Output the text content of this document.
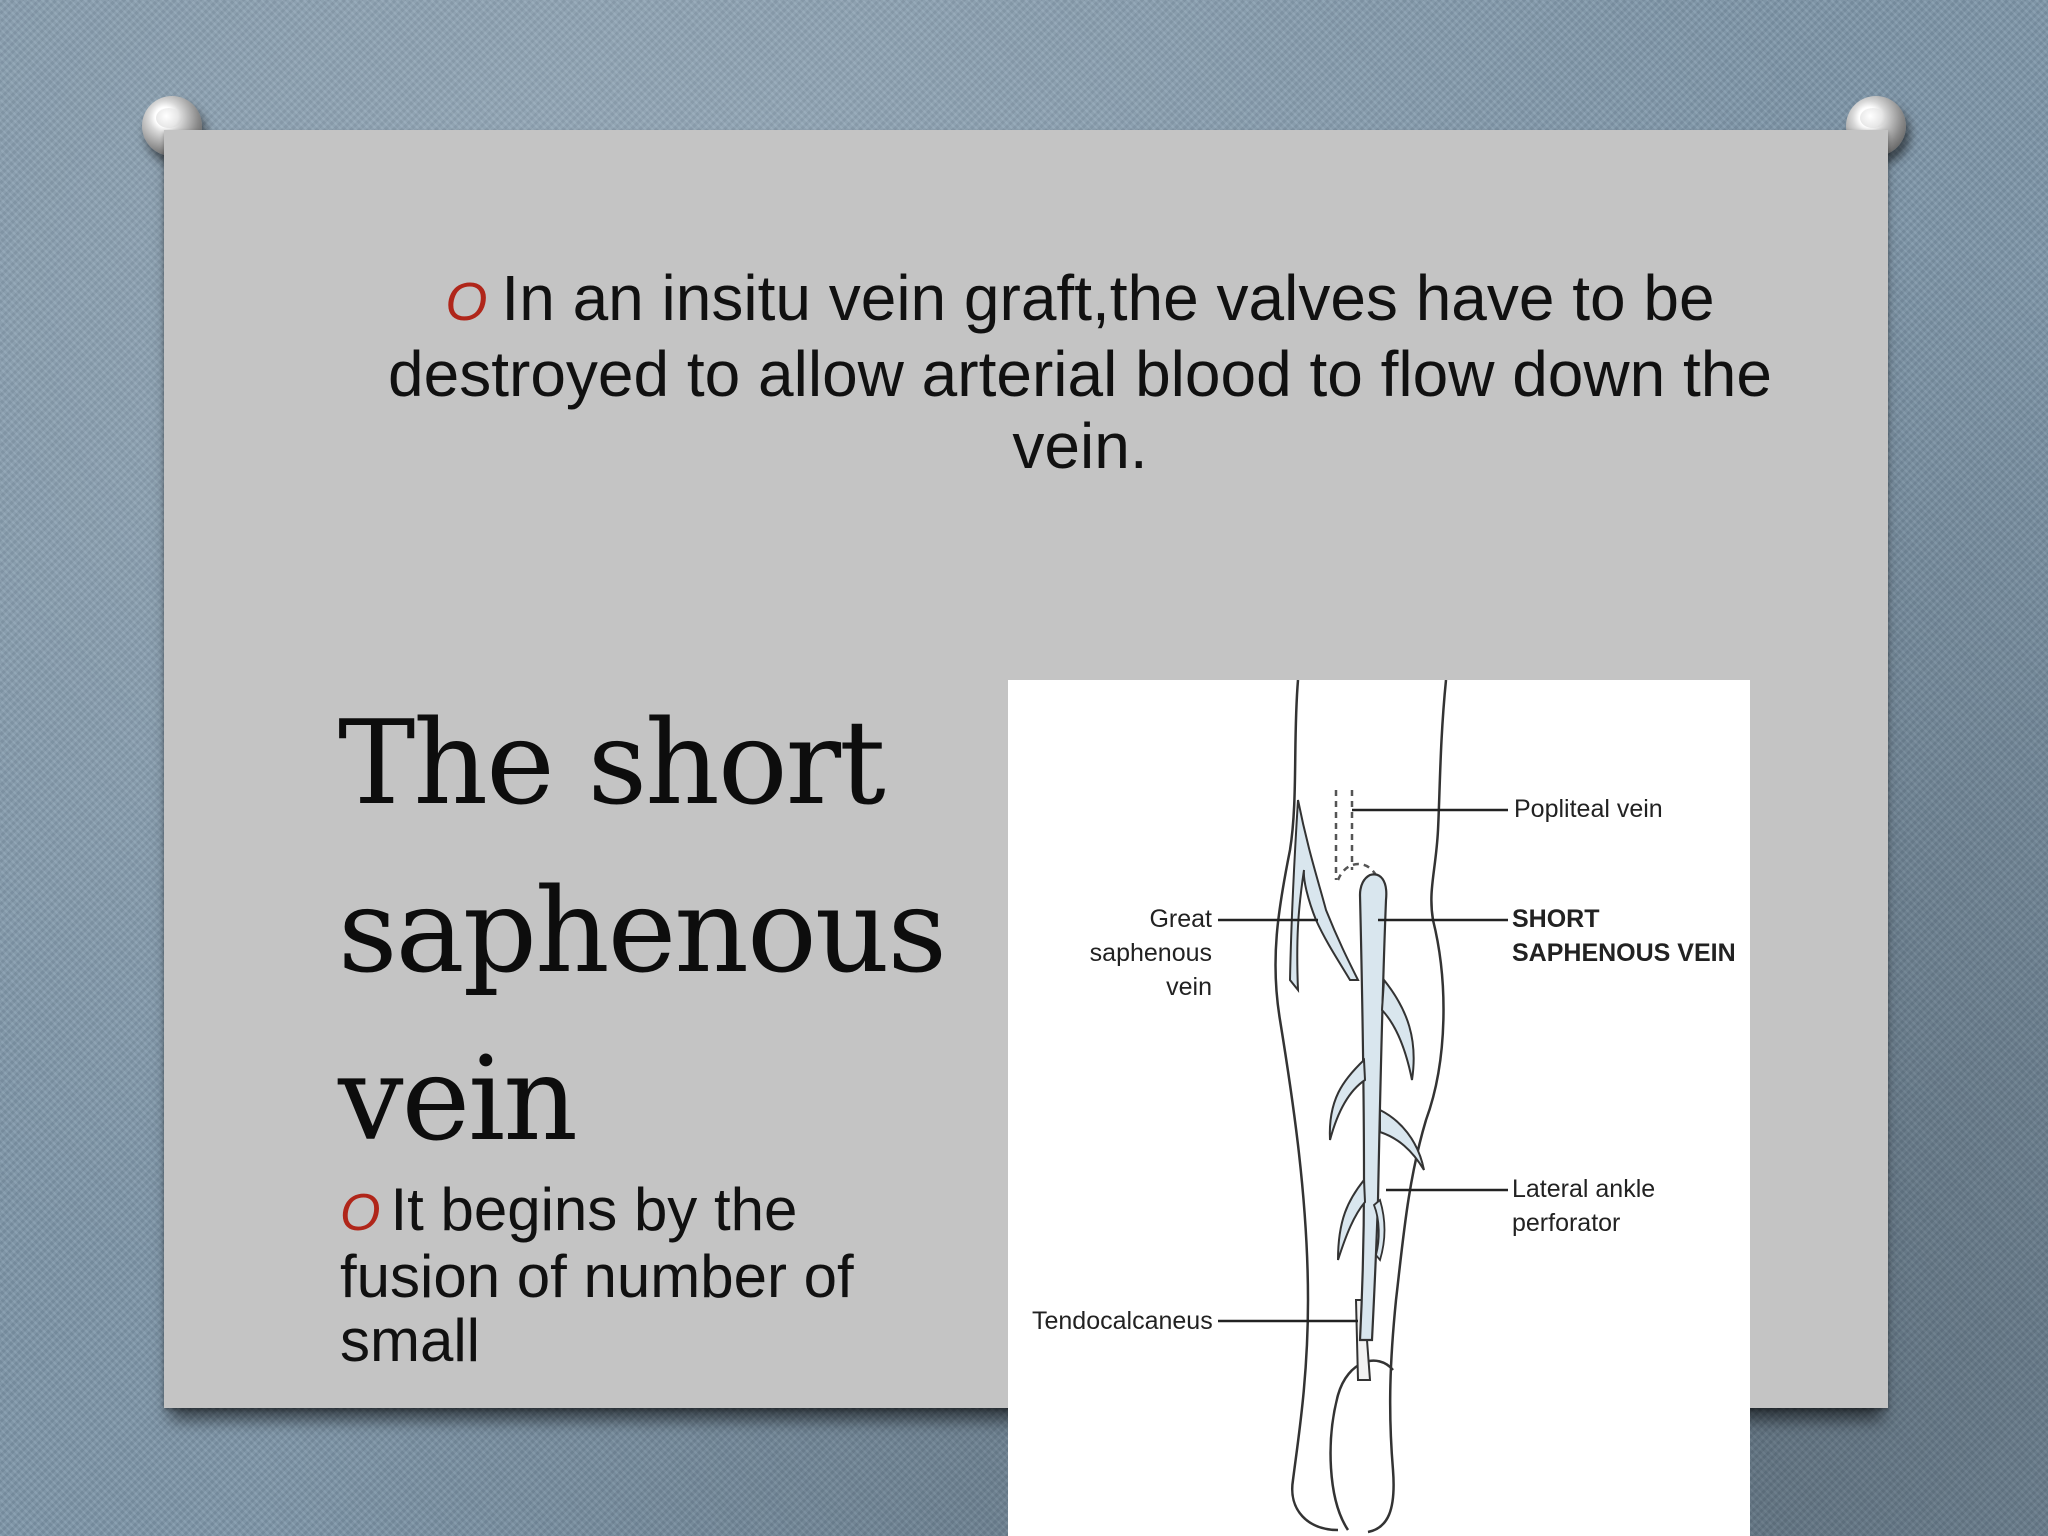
O In an insitu vein graft,the valves have to be destroyed to allow arterial blood to flow down the vein.
The short saphenous vein
O It begins by the fusion of number of small
Popliteal vein
Great saphenous
vein
SHORT
SAPHENOUS VEIN
Lateral ankle
perforator
Tendocalcaneus
